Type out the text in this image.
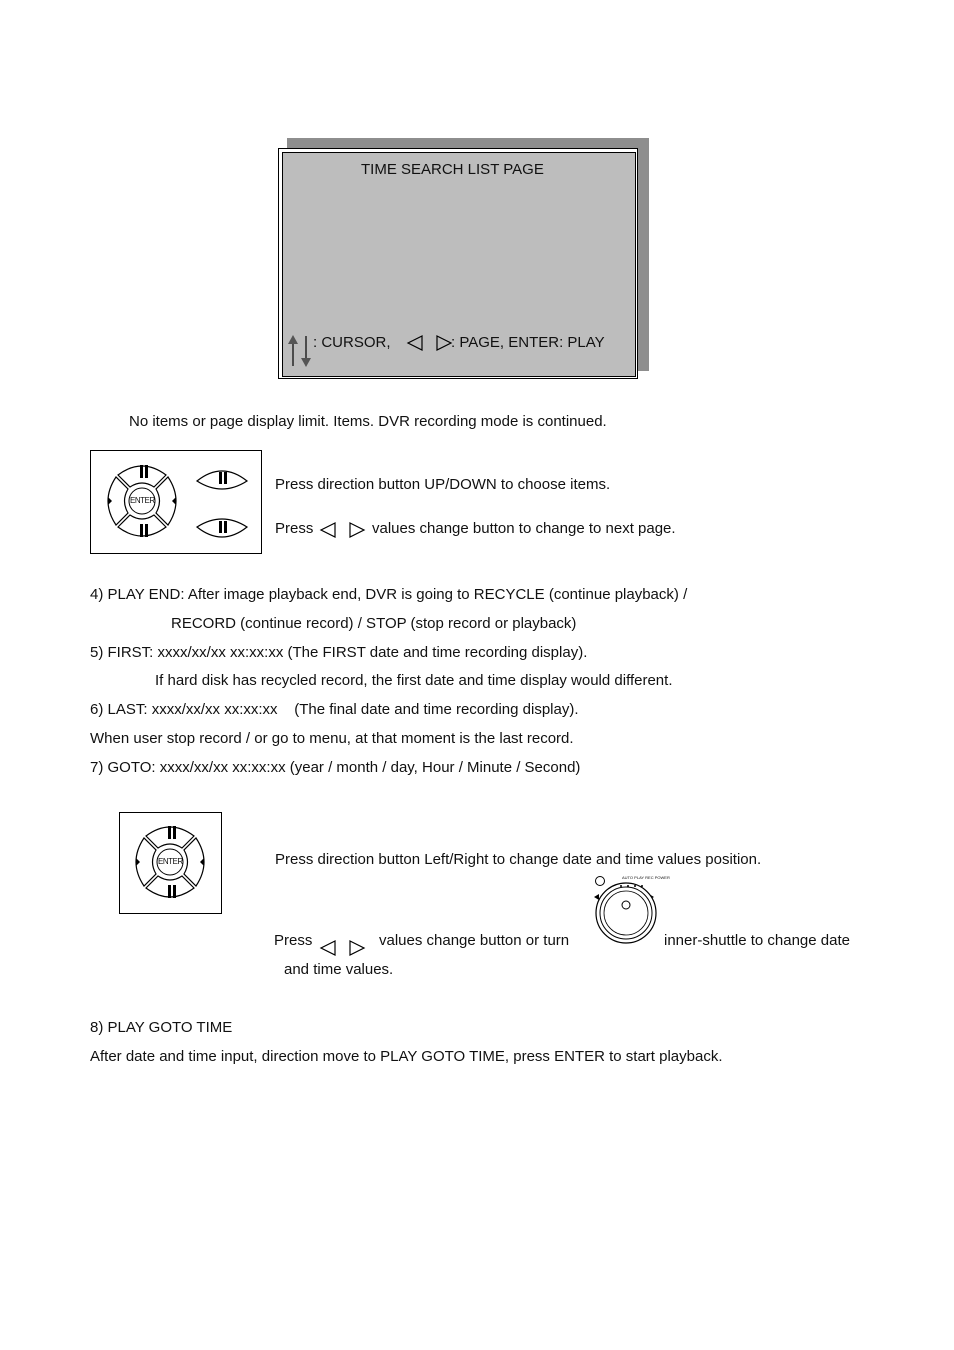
TIME SEARCH LIST PAGE
: CURSOR,	: PAGE, ENTER: PLAY
No items or page display limit. Items. DVR recording mode is continued.
ENTER
Press direction button UP/DOWN to choose items.
Press	values change button to change to next page.
4) PLAY END: After image playback end, DVR is going to RECYCLE (continue playback) /
RECORD (continue record) / STOP (stop record or playback)
5) FIRST: xxxx/xx/xx xx:xx:xx (The FIRST date and time recording display).
If hard disk has recycled record, the first date and time display would different.
6) LAST: xxxx/xx/xx xx:xx:xx    (The final date and time recording display).
When user stop record / or go to menu, at that moment is the last record.
7) GOTO: xxxx/xx/xx xx:xx:xx (year / month / day, Hour / Minute / Second)
ENTER	Press direction button Left/Right to change date and time values position.
Press	values change button or turn
AUTO PLAY REC POWER
inner-shuttle to change date
and time values.
8) PLAY GOTO TIME
After date and time input, direction move to PLAY GOTO TIME, press ENTER to start playback.
